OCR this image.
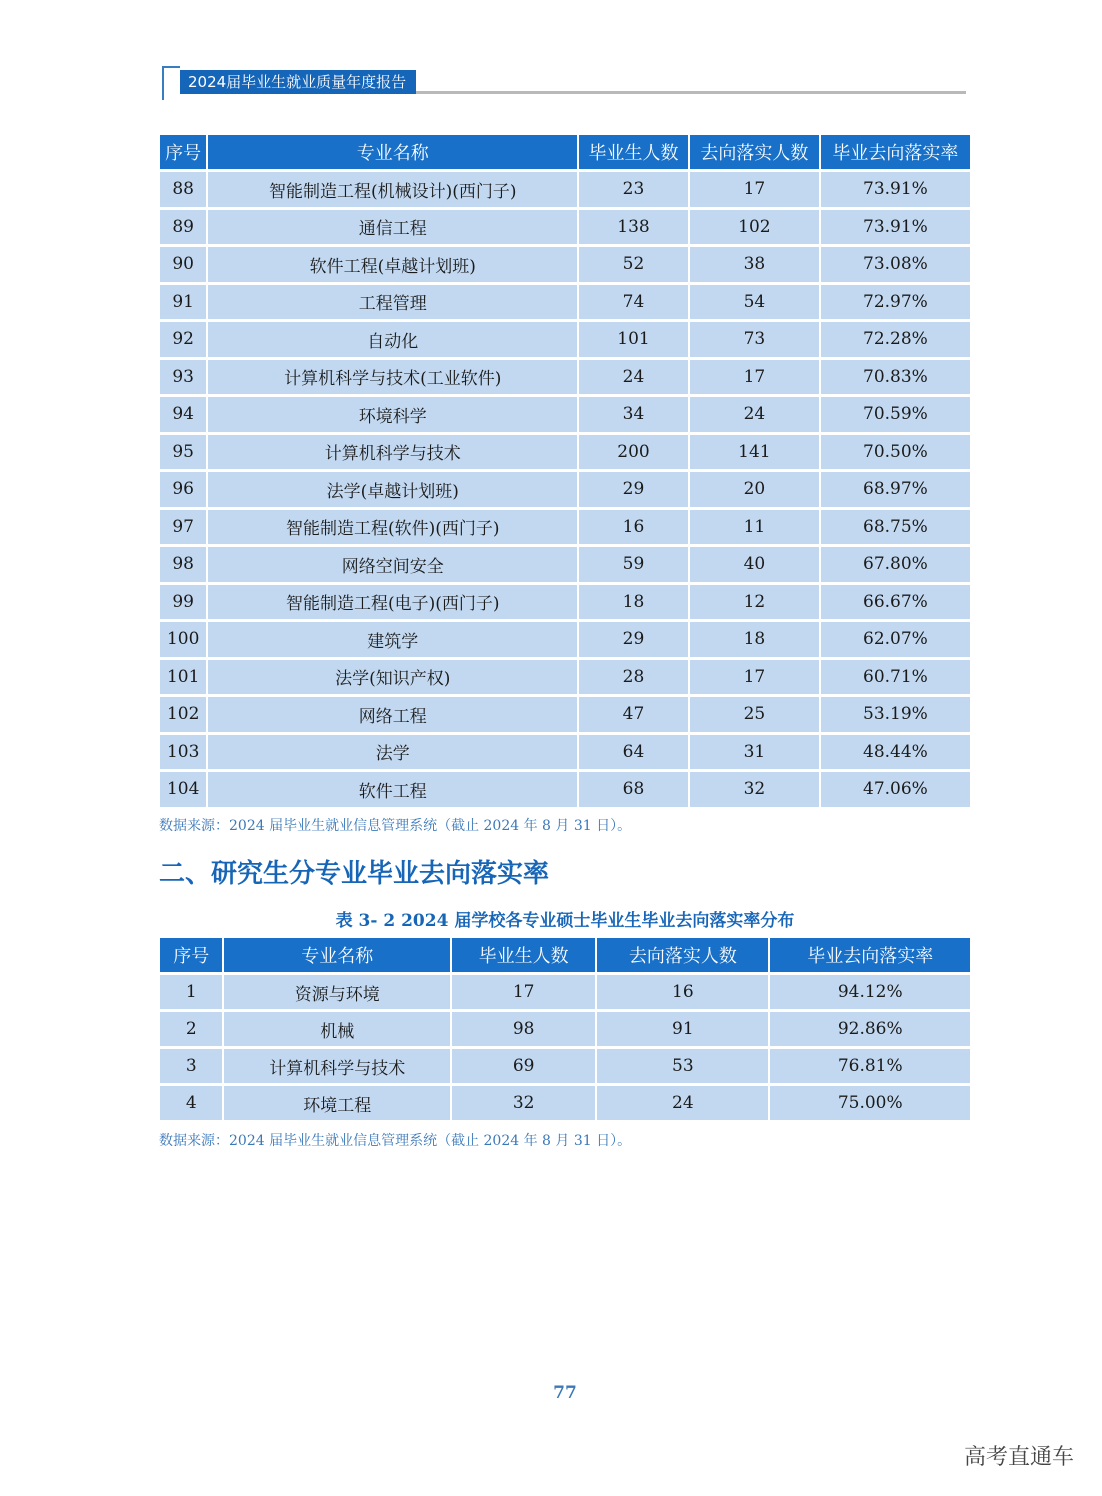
2024届毕业生就业质量年度报告
序号	专业名称	毕业生人数	去向落实人数	毕业去向落实率
88	智能制造工程(机械设计)(西门子)	23	17	73.91%
89	通信工程	138	102	73.91%
90	软件工程(卓越计划班)	52	38	73.08%
91	工程管理	74	54	72.97%
92	自动化	101	73	72.28%
93	计算机科学与技术(工业软件)	24	17	70.83%
94	环境科学	34	24	70.59%
95	计算机科学与技术	200	141	70.50%
96	法学(卓越计划班)	29	20	68.97%
97	智能制造工程(软件)(西门子)	16	11	68.75%
98	网络空间安全	59	40	67.80%
99	智能制造工程(电子)(西门子)	18	12	66.67%
100	建筑学	29	18	62.07%
101	法学(知识产权)	28	17	60.71%
102	网络工程	47	25	53.19%
103	法学	64	31	48.44%
104	软件工程	68	32	47.06%
数据来源：2024 届毕业生就业信息管理系统（截止 2024 年 8 月 31 日）。
二、研究生分专业毕业去向落实率
表 3- 2 2024 届学校各专业硕士毕业生毕业去向落实率分布
序号	专业名称	毕业生人数	去向落实人数	毕业去向落实率
1	资源与环境	17	16	94.12%
2	机械	98	91	92.86%
3	计算机科学与技术	69	53	76.81%
4	环境工程	32	24	75.00%
数据来源：2024 届毕业生就业信息管理系统（截止 2024 年 8 月 31 日）。
77
高考直通车
